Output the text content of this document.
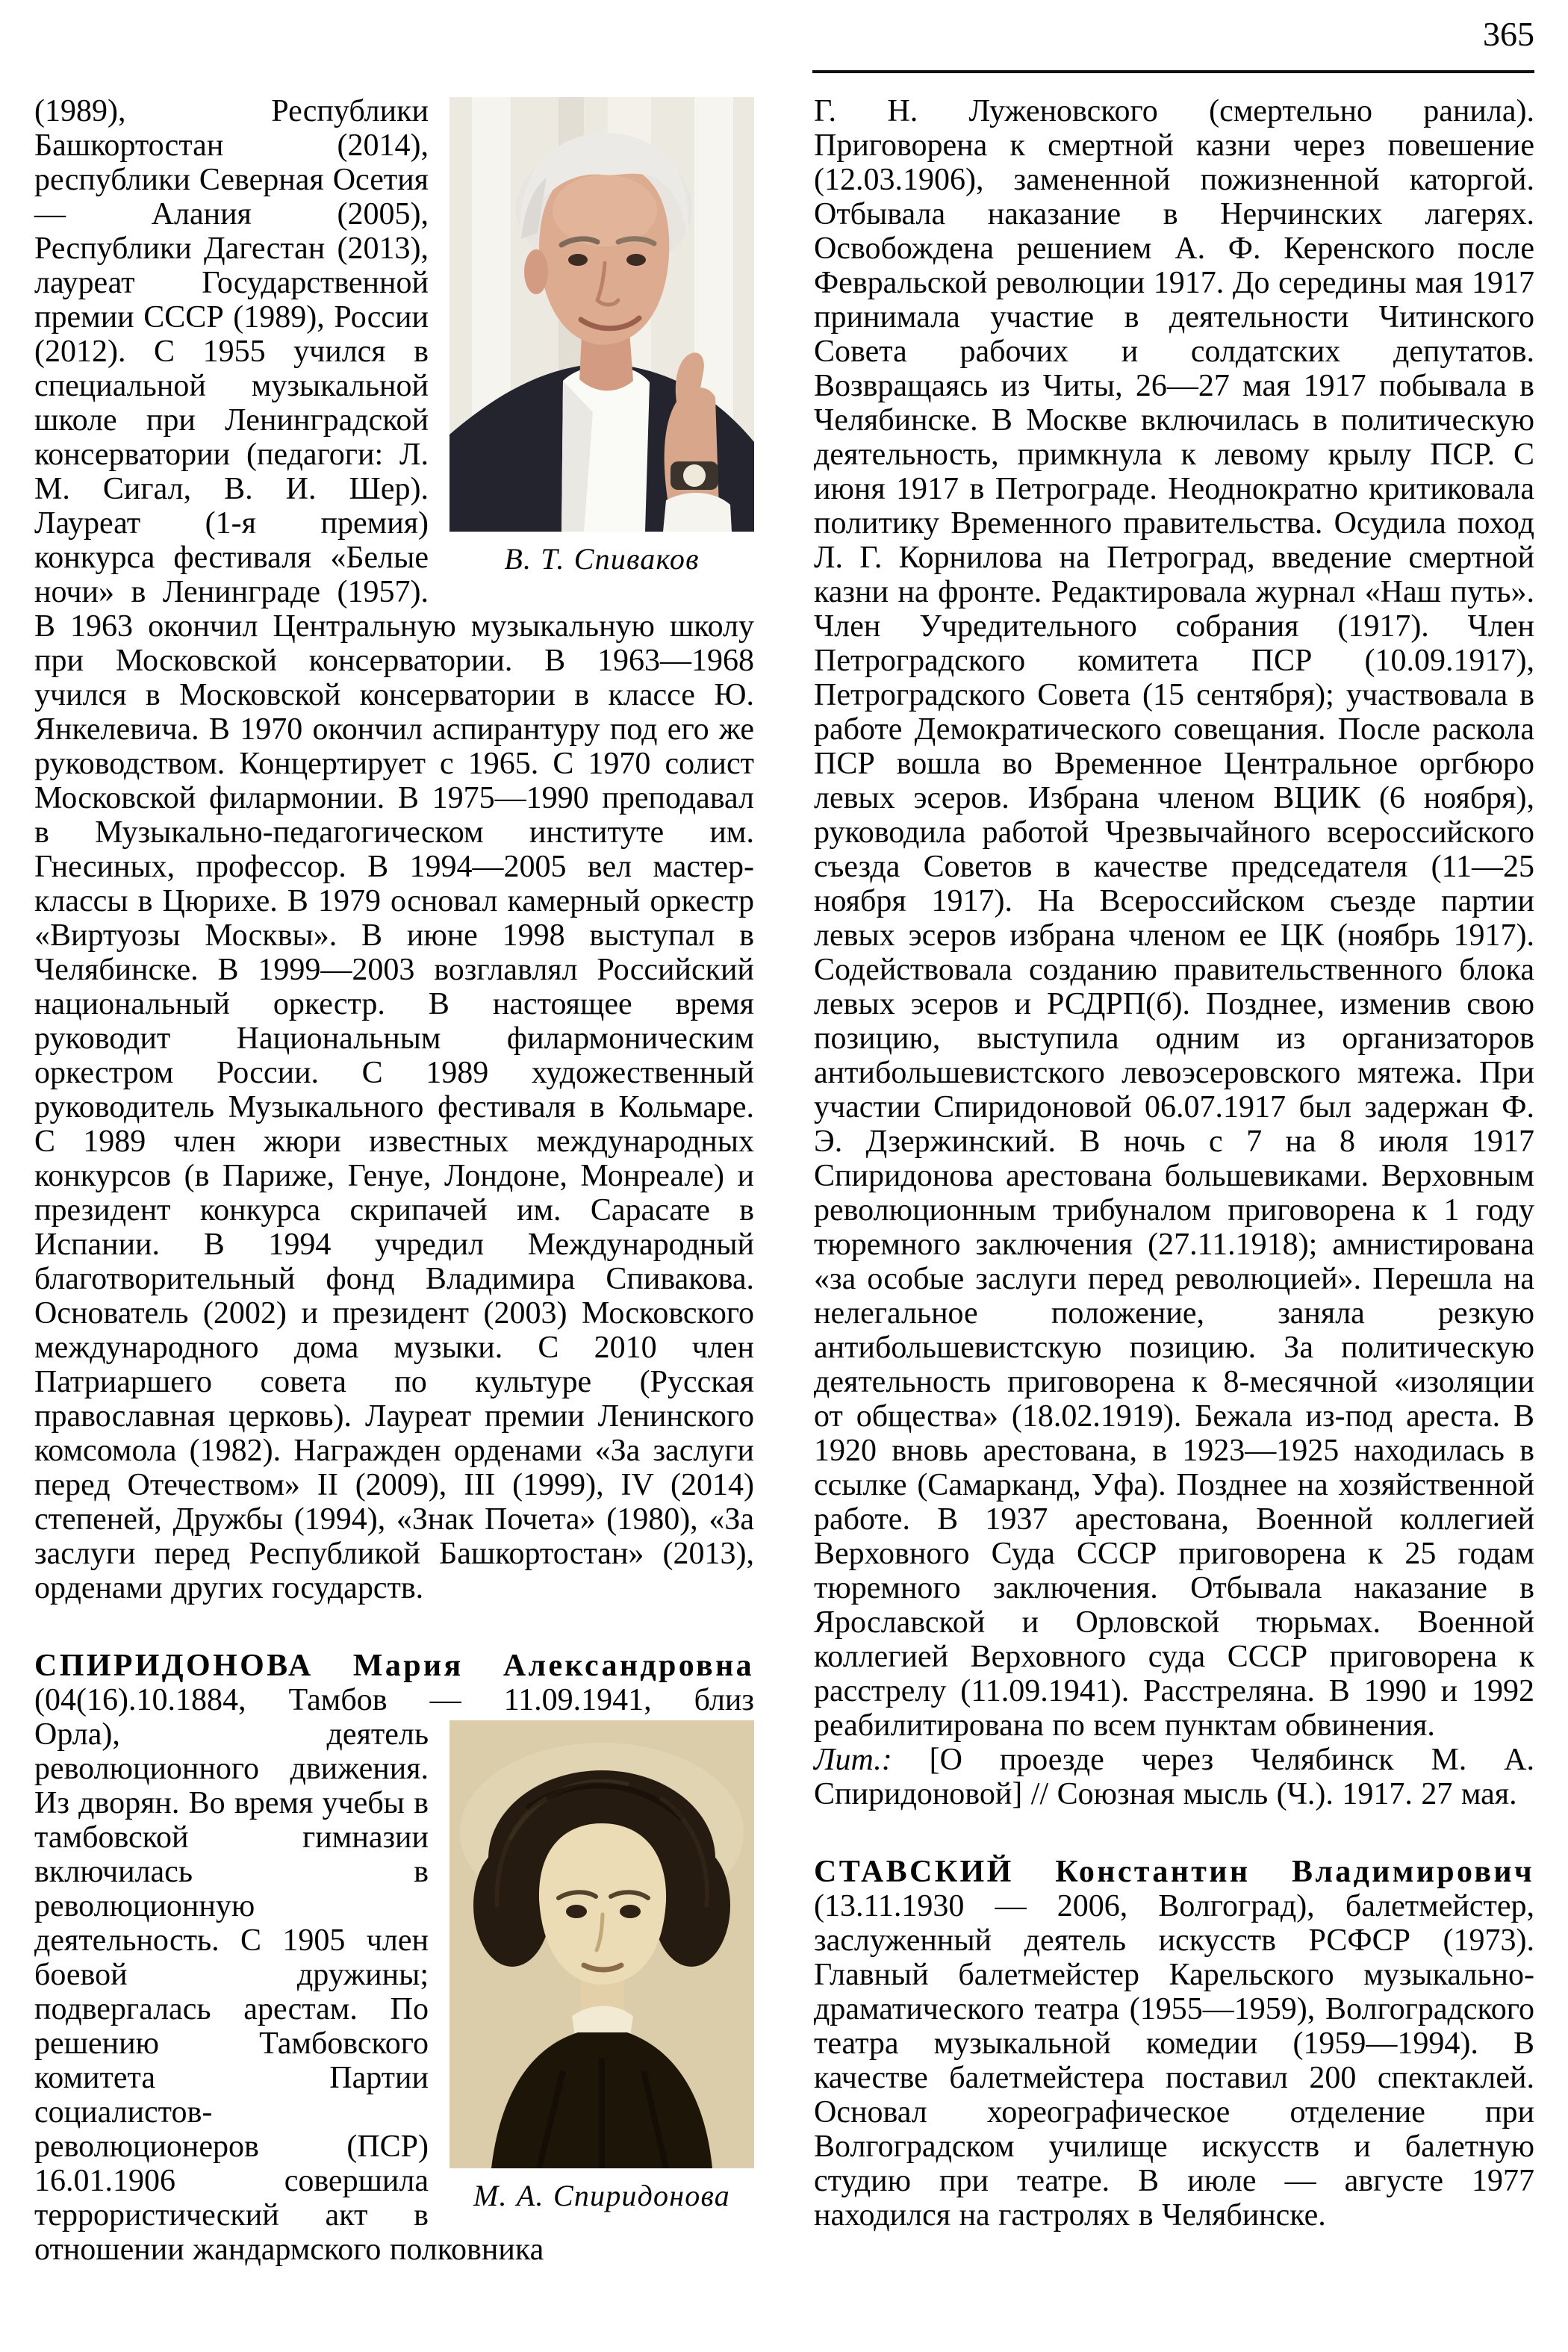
365

В. Т. Спиваков
(1989), Республики Башкортостан (2014), республики Северная Осетия — Алания (2005), Республики Дагестан (2013), лауреат Государственной премии СССР (1989), России (2012). С 1955 учился в специальной музыкальной школе при Ленинградской консерватории (педагоги: Л. М. Сигал, В. И. Шер). Лауреат (1-я премия) конкурса фестиваля «Белые ночи» в Ленинграде (1957). В 1963 окончил Центральную музыкальную школу при Московской консерватории. В 1963—1968 учился в Московской консерватории в классе Ю. Янкелевича. В 1970 окончил аспирантуру под его же руководством. Концертирует с 1965. С 1970 солист Московской филармонии. В 1975—1990 преподавал в Музыкально-педагогическом институте им. Гнесиных, профессор. В 1994—2005 вел мастер-классы в Цюрихе. В 1979 основал камерный оркестр «Виртуозы Москвы». В июне 1998 выступал в Челябинске. В 1999—2003 возглавлял Российский национальный оркестр. В настоящее время руководит Национальным филармоническим оркестром России. С 1989 художественный руководитель Музыкального фестиваля в Кольмаре. С 1989 член жюри известных международных конкурсов (в Париже, Генуе, Лондоне, Монреале) и президент конкурса скрипачей им. Сарасате в Испании. В 1994 учредил Международный благотворительный фонд Владимира Спивакова. Основатель (2002) и президент (2003) Московского международного дома музыки. С 2010 член Патриаршего совета по культуре (Русская православная церковь). Лауреат премии Ленинского комсомола (1982). Награжден орденами «За заслуги перед Отечеством» II (2009), III (1999), IV (2014) степеней, Дружбы (1994), «Знак Почета» (1980), «За заслуги перед Республикой Башкортостан» (2013), орденами других государств.

СПИРИДОНОВА Мария Александровна
(04(16).10.1884, Тамбов — 11.09.1941, близ

М. А. Спиридонова
Орла), деятель революционного движения. Из дворян. Во время учебы в тамбовской гимназии включилась в революционную деятельность. С 1905 член боевой дружины; подвергалась арестам. По решению Тамбовского комитета Партии социалистов-революционеров (ПСР) 16.01.1906 совершила террористический акт в отношении жандармского полковника

Г. Н. Луженовского (смертельно ранила). Приговорена к смертной казни через повешение (12.03.1906), замененной пожизненной каторгой. Отбывала наказание в Нерчинских лагерях. Освобождена решением А. Ф. Керенского после Февральской революции 1917. До середины мая 1917 принимала участие в деятельности Читинского Совета рабочих и солдатских депутатов. Возвращаясь из Читы, 26—27 мая 1917 побывала в Челябинске. В Москве включилась в политическую деятельность, примкнула к левому крылу ПСР. С июня 1917 в Петрограде. Неоднократно критиковала политику Временного правительства. Осудила поход Л. Г. Корнилова на Петроград, введение смертной казни на фронте. Редактировала журнал «Наш путь». Член Учредительного собрания (1917). Член Петроградского комитета ПСР (10.09.1917), Петроградского Совета (15 сентября); участвовала в работе Демократического совещания. После раскола ПСР вошла во Временное Центральное оргбюро левых эсеров. Избрана членом ВЦИК (6 ноября), руководила работой Чрезвычайного всероссийского съезда Советов в качестве председателя (11—25 ноября 1917). На Всероссийском съезде партии левых эсеров избрана членом ее ЦК (ноябрь 1917). Содействовала созданию правительственного блока левых эсеров и РСДРП(б). Позднее, изменив свою позицию, выступила одним из организаторов антибольшевистского левоэсеровского мятежа. При участии Спиридоновой 06.07.1917 был задержан Ф. Э. Дзержинский. В ночь с 7 на 8 июля 1917 Спиридонова арестована большевиками. Верховным революционным трибуналом приговорена к 1 году тюремного заключения (27.11.1918); амнистирована «за особые заслуги перед революцией». Перешла на нелегальное положение, заняла резкую антибольшевистскую позицию. За политическую деятельность приговорена к 8-месячной «изоляции от общества» (18.02.1919). Бежала из-под ареста. В 1920 вновь арестована, в 1923—1925 находилась в ссылке (Самарканд, Уфа). Позднее на хозяйственной работе. В 1937 арестована, Военной коллегией Верховного Суда СССР приговорена к 25 годам тюремного заключения. Отбывала наказание в Ярославской и Орловской тюрьмах. Военной коллегией Верховного суда СССР приговорена к расстрелу (11.09.1941). Расстреляна. В 1990 и 1992 реабилитирована по всем пунктам обвинения.

Лит.: [О проезде через Челябинск М. А. Спиридоновой] // Союзная мысль (Ч.). 1917. 27 мая.

СТАВСКИЙ Константин Владимирович

(13.11.1930 — 2006, Волгоград), балетмейстер, заслуженный деятель искусств РСФСР (1973). Главный балетмейстер Карельского музыкально-драматического театра (1955—1959), Волгоградского театра музыкальной комедии (1959—1994). В качестве балетмейстера поставил 200 спектаклей. Основал хореографическое отделение при Волгоградском училище искусств и балетную студию при театре. В июле — августе 1977 находился на гастролях в Челябинске.
